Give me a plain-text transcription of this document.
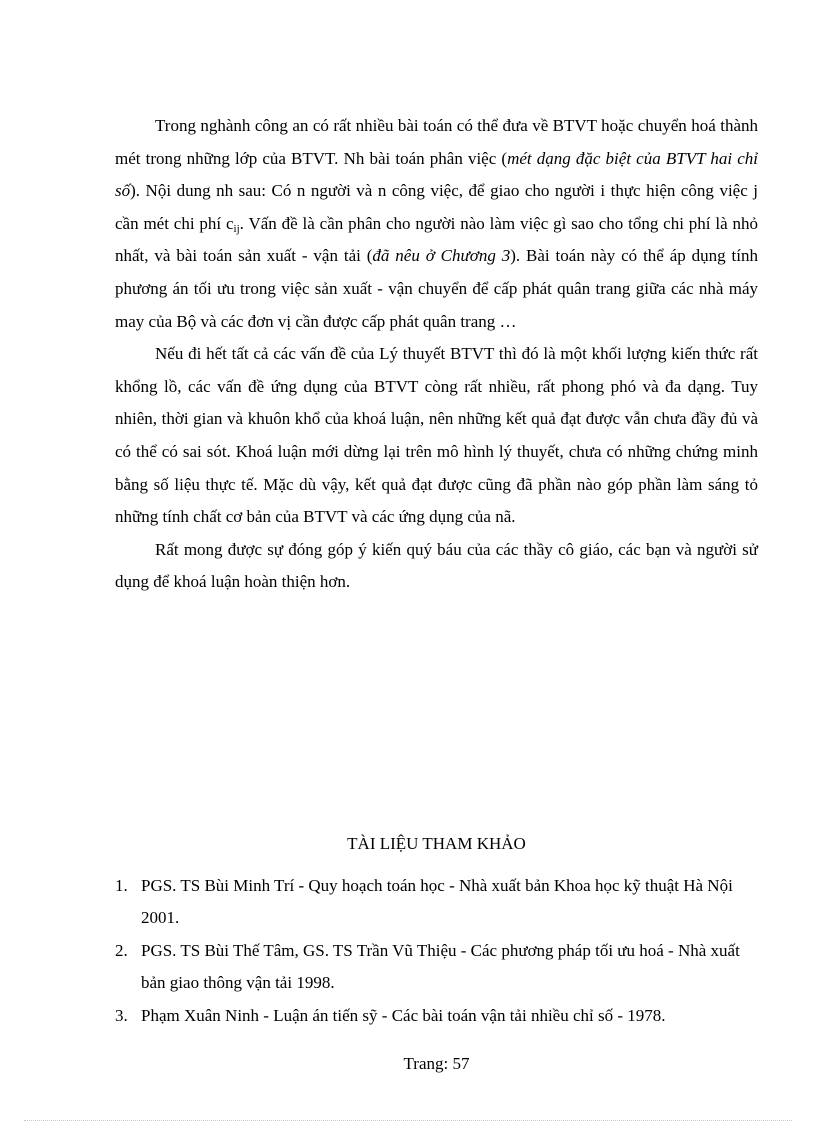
Trong nghành công an có rất nhiều bài toán có thể đưa về BTVT hoặc chuyển hoá thành mét trong những lớp của BTVT. Nh bài toán phân việc (mét dạng đặc biệt của BTVT hai chỉ số). Nội dung nh sau: Có n người và n công việc, để giao cho người i thực hiện công việc j cần mét chi phí $c_{ij}$. Vấn đề là cần phân cho người nào làm việc gì sao cho tổng chi phí là nhỏ nhất, và bài toán sản xuất - vận tải (đã nêu ở Chương 3). Bài toán này có thể áp dụng tính phương án tối ưu trong việc sản xuất - vận chuyển để cấp phát quân trang giữa các nhà máy may của Bộ và các đơn vị cần được cấp phát quân trang …

Nếu đi hết tất cả các vấn đề của Lý thuyết BTVT thì đó là một khối lượng kiến thức rất khổng lồ, các vấn đề ứng dụng của BTVT còng rất nhiều, rất phong phó và đa dạng. Tuy nhiên, thời gian và khuôn khổ của khoá luận, nên những kết quả đạt được vẫn chưa đầy đủ và có thể có sai sót. Khoá luận mới dừng lại trên mô hình lý thuyết, chưa có những chứng minh bằng số liệu thực tế. Mặc dù vậy, kết quả đạt được cũng đã phần nào góp phần làm sáng tỏ những tính chất cơ bản của BTVT và các ứng dụng của nã.

Rất mong được sự đóng góp ý kiến quý báu của các thầy cô giáo, các bạn và người sử dụng để khoá luận hoàn thiện hơn.

TÀI LIỆU THAM KHẢO
1. PGS. TS Bùi Minh Trí - Quy hoạch toán học - Nhà xuất bản Khoa học kỹ thuật Hà Nội 2001.
2. PGS. TS Bùi Thế Tâm, GS. TS Trần Vũ Thiệu - Các phương pháp tối ưu hoá - Nhà xuất bản giao thông vận tải 1998.
3. Phạm Xuân Ninh - Luận án tiến sỹ - Các bài toán vận tải nhiều chỉ số - 1978.
Trang: 57
